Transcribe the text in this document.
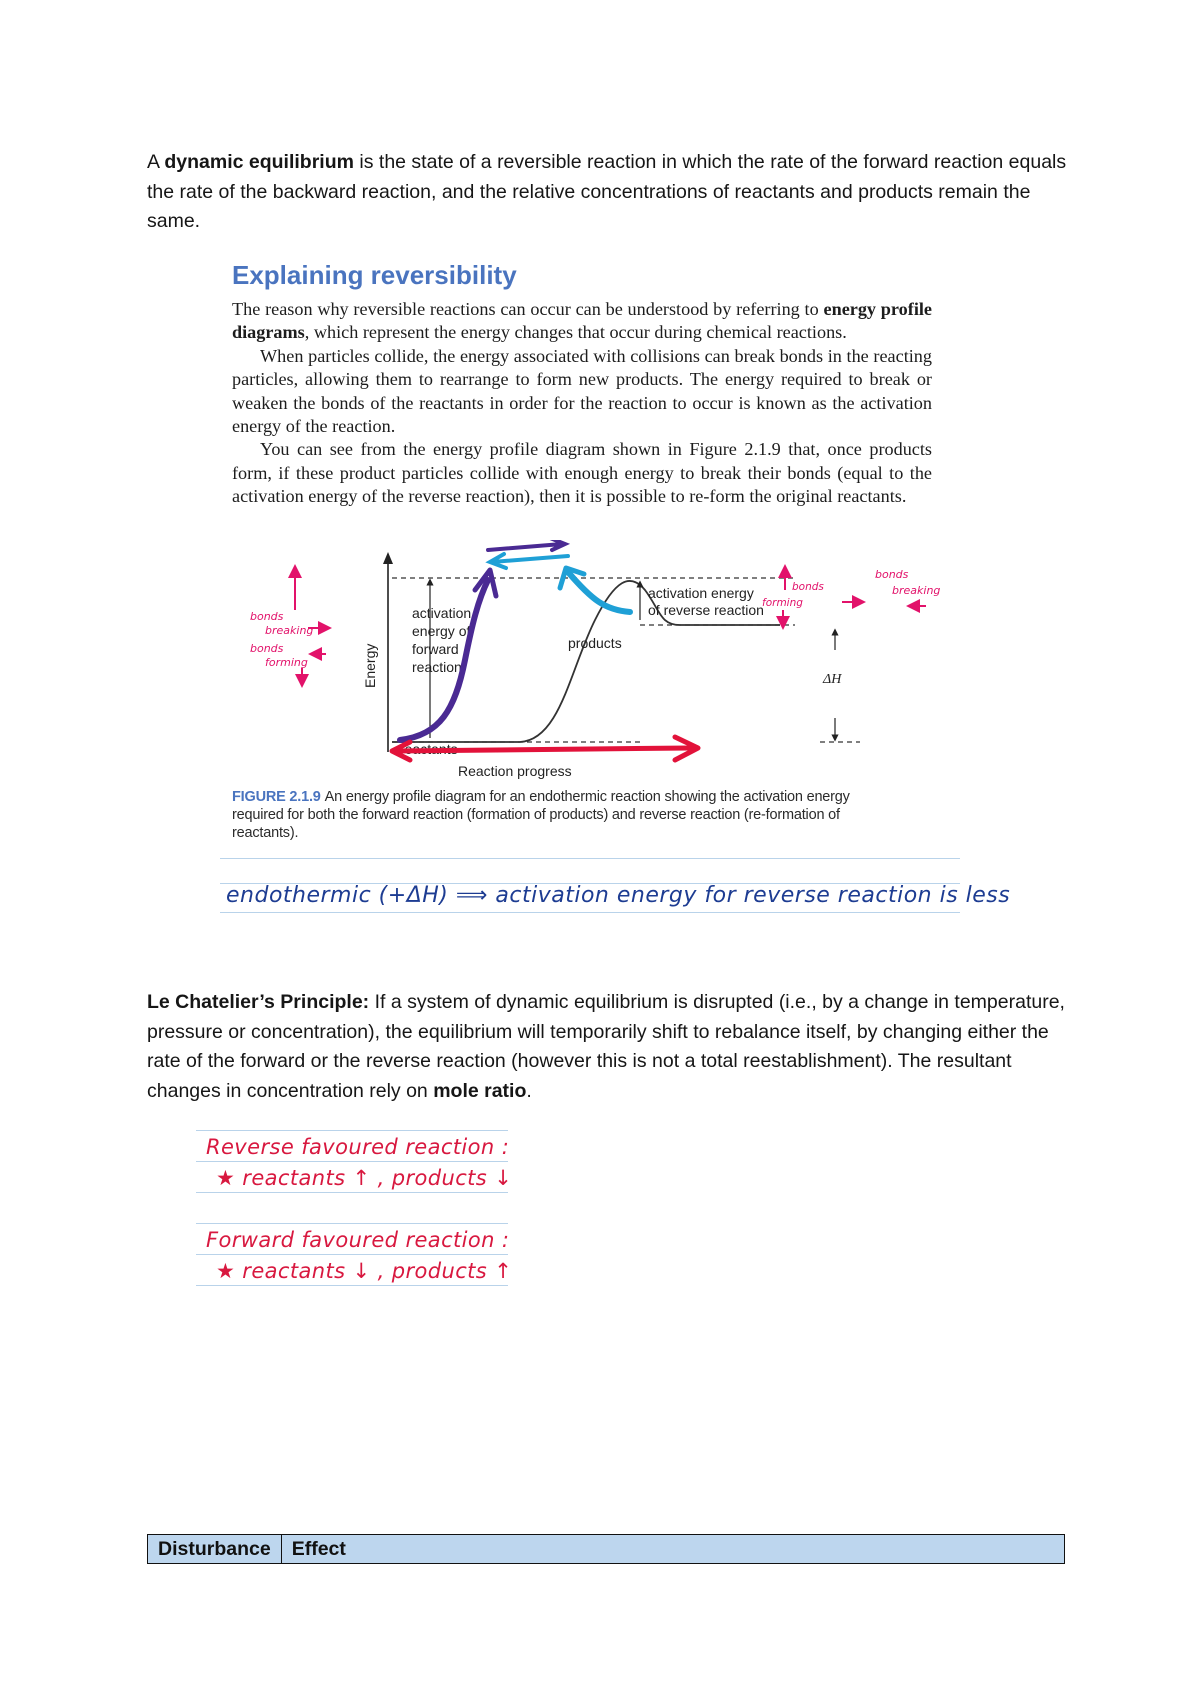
A dynamic equilibrium is the state of a reversible reaction in which the rate of the forward reaction equals the rate of the backward reaction, and the relative concentrations of reactants and products remain the same.
Explaining reversibility

The reason why reversible reactions can occur can be understood by referring to energy profile diagrams, which represent the energy changes that occur during chemical reactions.

When particles collide, the energy associated with collisions can break bonds in the reacting particles, allowing them to rearrange to form new products. The energy required to break or weaken the bonds of the reactants in order for the reaction to occur is known as the activation energy of the reaction.

You can see from the energy profile diagram shown in Figure 2.1.9 that, once products form, if these product particles collide with enough energy to break their bonds (equal to the activation energy of the reverse reaction), then it is possible to re-form the original reactants.

Energy
activation energy of forward reaction
activation energy of reverse reaction
ΔH
products
Reaction progress
bonds breaking
bonds forming
bonds forming
bonds breaking
FIGURE 2.1.9 An energy profile diagram for an endothermic reaction showing the activation energy required for both the forward reaction (formation of products) and reverse reaction (re-formation of reactants).
endothermic (+ΔH) ⟹ activation energy for reverse reaction is less
Le Chatelier’s Principle: If a system of dynamic equilibrium is disrupted (i.e., by a change in temperature, pressure or concentration), the equilibrium will temporarily shift to rebalance itself, by changing either the rate of the forward or the reverse reaction (however this is not a total reestablishment). The resultant changes in concentration rely on mole ratio.
Reverse favoured reaction :
★ reactants ↑ , products ↓
Forward favoured reaction :
★ reactants ↓ , products ↑
Disturbance	Effect
